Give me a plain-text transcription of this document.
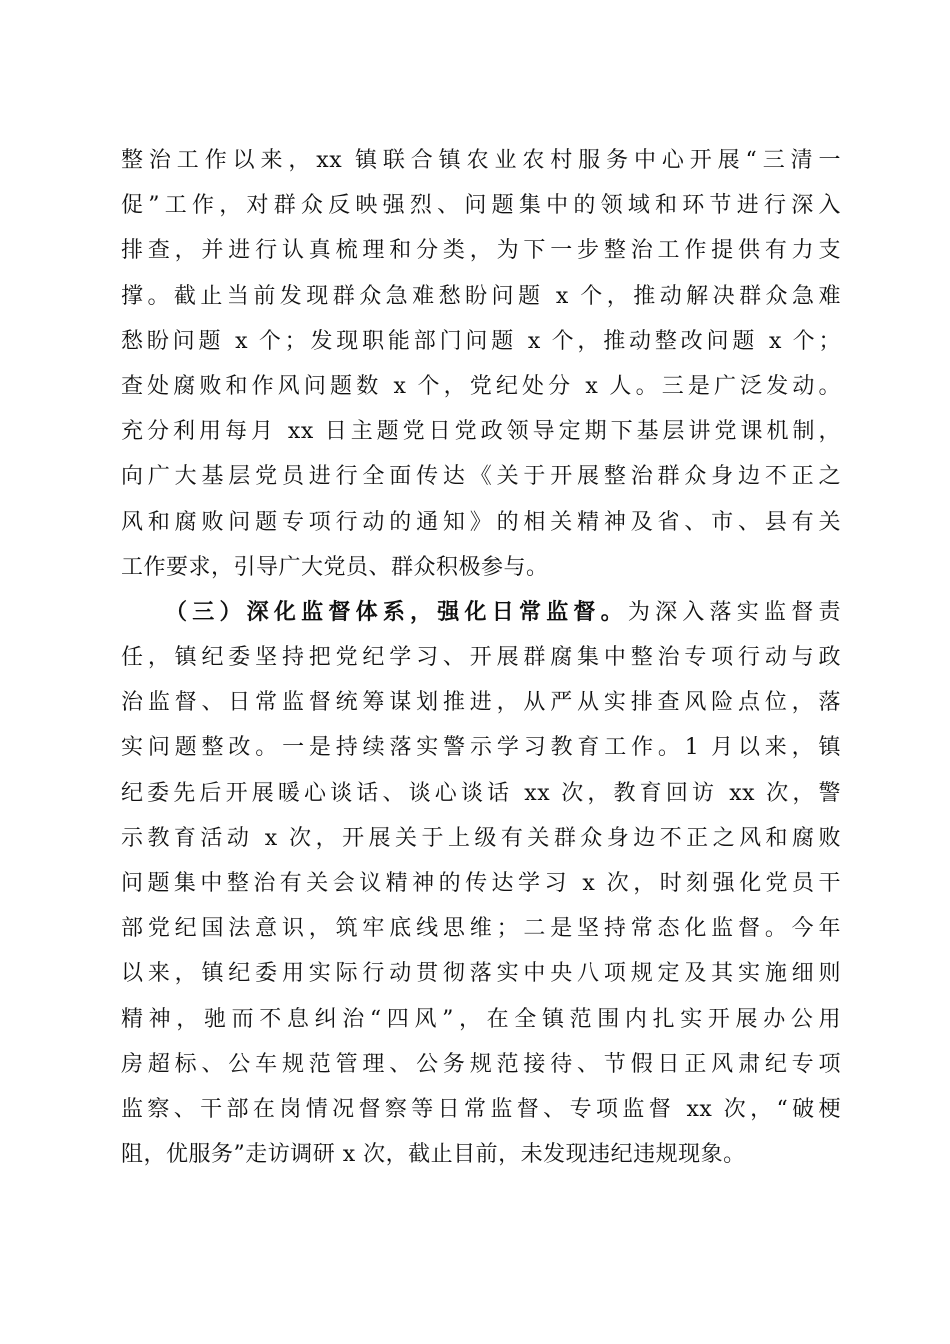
整治工作以来，xx 镇联合镇农业农村服务中心开展“三清一
促”工作，对群众反映强烈、问题集中的领域和环节进行深入
排查，并进行认真梳理和分类，为下一步整治工作提供有力支
撑。截止当前发现群众急难愁盼问题 x 个，推动解决群众急难
愁盼问题 x 个；发现职能部门问题 x 个，推动整改问题 x 个；
查处腐败和作风问题数 x 个，党纪处分 x 人。三是广泛发动。
充分利用每月 xx 日主题党日党政领导定期下基层讲党课机制，
向广大基层党员进行全面传达《关于开展整治群众身边不正之
风和腐败问题专项行动的通知》的相关精神及省、市、县有关
工作要求，引导广大党员、群众积极参与。
（三）深化监督体系，强化日常监督。为深入落实监督责
任，镇纪委坚持把党纪学习、开展群腐集中整治专项行动与政
治监督、日常监督统筹谋划推进，从严从实排查风险点位，落
实问题整改。一是持续落实警示学习教育工作。1 月以来，镇
纪委先后开展暖心谈话、谈心谈话 xx 次，教育回访 xx 次，警
示教育活动 x 次，开展关于上级有关群众身边不正之风和腐败
问题集中整治有关会议精神的传达学习 x 次，时刻强化党员干
部党纪国法意识，筑牢底线思维；二是坚持常态化监督。今年
以来，镇纪委用实际行动贯彻落实中央八项规定及其实施细则
精神，驰而不息纠治“四风”，在全镇范围内扎实开展办公用
房超标、公车规范管理、公务规范接待、节假日正风肃纪专项
监察、干部在岗情况督察等日常监督、专项监督 xx 次，“破梗
阻，优服务”走访调研 x 次，截止目前，未发现违纪违规现象。
